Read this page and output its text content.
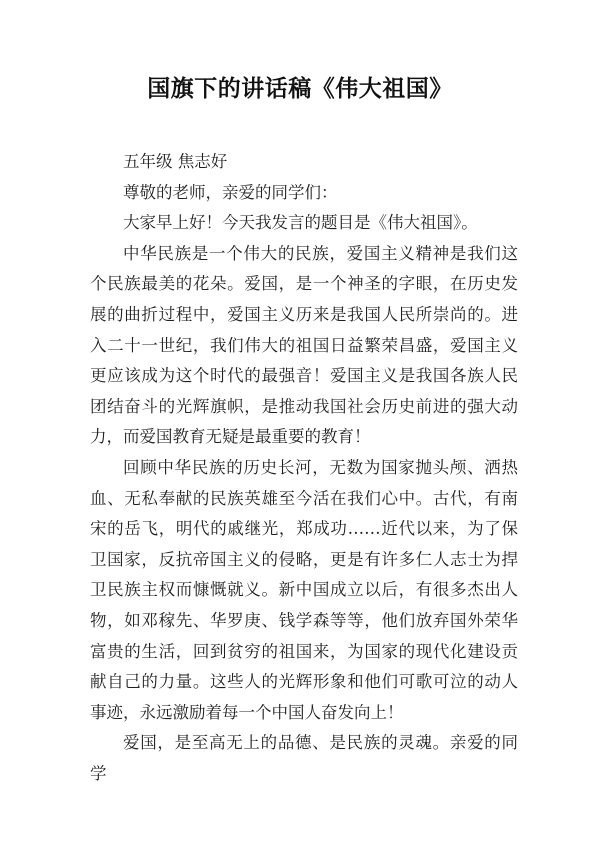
国旗下的讲话稿《伟大祖国》

五年级 焦志好

尊敬的老师，亲爱的同学们：

大家早上好！今天我发言的题目是《伟大祖国》。

中华民族是一个伟大的民族，爱国主义精神是我们这个民族最美的花朵。爱国，是一个神圣的字眼，在历史发展的曲折过程中，爱国主义历来是我国人民所崇尚的。进入二十一世纪，我们伟大的祖国日益繁荣昌盛，爱国主义更应该成为这个时代的最强音！爱国主义是我国各族人民团结奋斗的光辉旗帜，是推动我国社会历史前进的强大动力，而爱国教育无疑是最重要的教育！

回顾中华民族的历史长河，无数为国家抛头颅、洒热血、无私奉献的民族英雄至今活在我们心中。古代，有南宋的岳飞，明代的戚继光，郑成功……近代以来，为了保卫国家，反抗帝国主义的侵略，更是有许多仁人志士为捍卫民族主权而慷慨就义。新中国成立以后，有很多杰出人物，如邓稼先、华罗庚、钱学森等等，他们放弃国外荣华富贵的生活，回到贫穷的祖国来，为国家的现代化建设贡献自己的力量。这些人的光辉形象和他们可歌可泣的动人事迹，永远激励着每一个中国人奋发向上！

爱国，是至高无上的品德、是民族的灵魂。亲爱的同学
